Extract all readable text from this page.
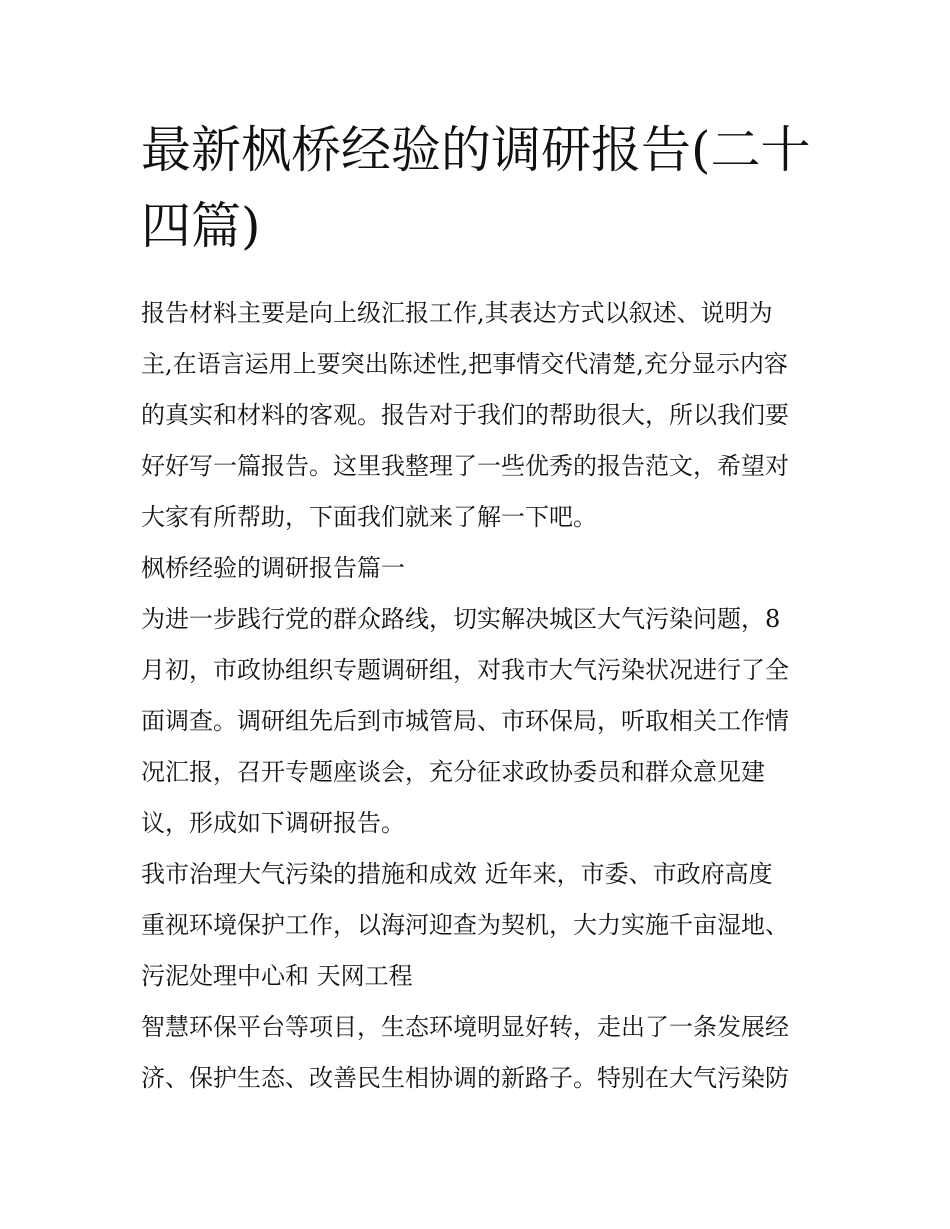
最新枫桥经验的调研报告(二十
四篇)

报告材料主要是向上级汇报工作,其表达方式以叙述、说明为
主,在语言运用上要突出陈述性,把事情交代清楚,充分显示内容
的真实和材料的客观。报告对于我们的帮助很大，所以我们要
好好写一篇报告。这里我整理了一些优秀的报告范文，希望对
大家有所帮助，下面我们就来了解一下吧。

枫桥经验的调研报告篇一

为进一步践行党的群众路线，切实解决城区大气污染问题，8
月初，市政协组织专题调研组，对我市大气污染状况进行了全
面调查。调研组先后到市城管局、市环保局，听取相关工作情
况汇报，召开专题座谈会，充分征求政协委员和群众意见建
议，形成如下调研报告。

我市治理大气污染的措施和成效 近年来，市委、市政府高度
重视环境保护工作，以海河迎查为契机，大力实施千亩湿地、
污泥处理中心和 天网工程

智慧环保平台等项目，生态环境明显好转，走出了一条发展经
济、保护生态、改善民生相协调的新路子。特别在大气污染防
